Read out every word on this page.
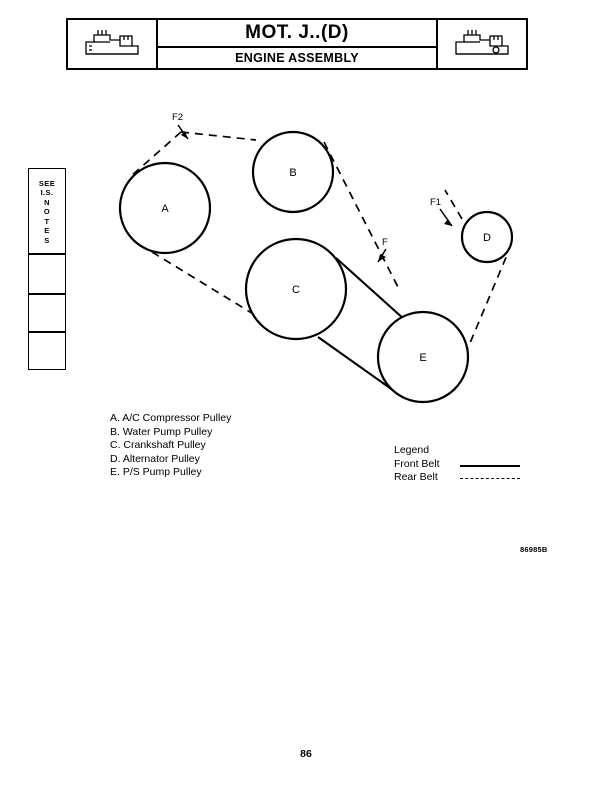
MOT. J..(D)
ENGINE ASSEMBLY
SEE
I.S.
N
O
T
E
S
A
B
C
D
E
F2
F
F1
A. A/C Compressor Pulley
B. Water Pump Pulley
C. Crankshaft Pulley
D. Alternator Pulley
E. P/S Pump Pulley
Legend
Front Belt
Rear Belt
86985B
86
